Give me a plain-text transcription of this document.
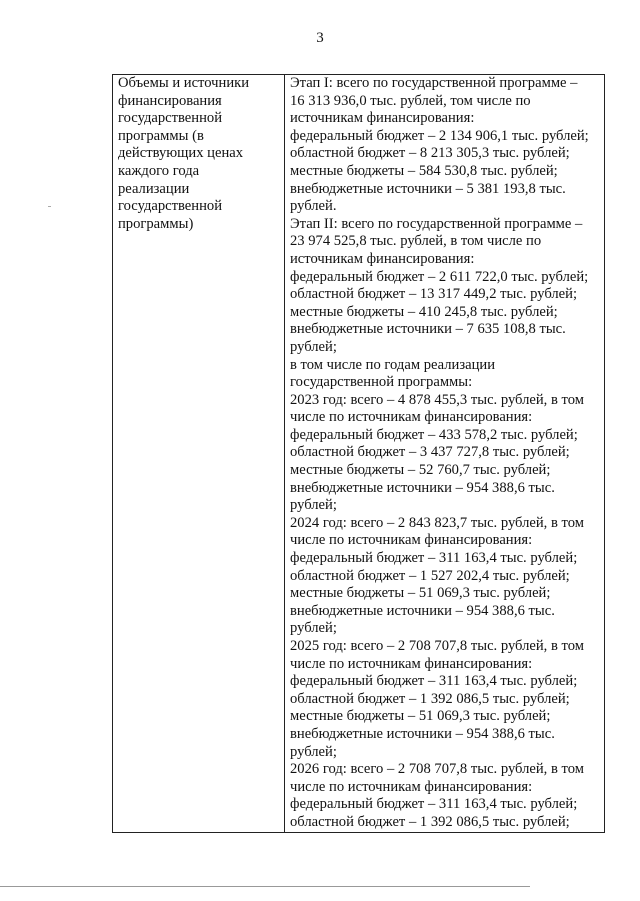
3
Объемы и источники
финансирования
государственной
программы (в
действующих ценах
каждого года
реализации
государственной
программы)

Этап I: всего по государственной программе –
16 313 936,0 тыс. рублей, том числе по
источникам финансирования:
федеральный бюджет – 2 134 906,1 тыс. рублей;
областной бюджет – 8 213 305,3 тыс. рублей;
местные бюджеты – 584 530,8 тыс. рублей;
внебюджетные источники – 5 381 193,8 тыс.
рублей.
Этап II: всего по государственной программе –
23 974 525,8 тыс. рублей, в том числе по
источникам финансирования:
федеральный бюджет – 2 611 722,0 тыс. рублей;
областной бюджет – 13 317 449,2 тыс. рублей;
местные бюджеты – 410 245,8 тыс. рублей;
внебюджетные источники – 7 635 108,8 тыс.
рублей;
в том числе по годам реализации
государственной программы:
2023 год: всего – 4 878 455,3 тыс. рублей, в том
числе по источникам финансирования:
федеральный бюджет – 433 578,2 тыс. рублей;
областной бюджет – 3 437 727,8 тыс. рублей;
местные бюджеты – 52 760,7 тыс. рублей;
внебюджетные источники – 954 388,6 тыс.
рублей;
2024 год: всего – 2 843 823,7 тыс. рублей, в том
числе по источникам финансирования:
федеральный бюджет – 311 163,4 тыс. рублей;
областной бюджет – 1 527 202,4 тыс. рублей;
местные бюджеты – 51 069,3 тыс. рублей;
внебюджетные источники – 954 388,6 тыс.
рублей;
2025 год: всего – 2 708 707,8 тыс. рублей, в том
числе по источникам финансирования:
федеральный бюджет – 311 163,4 тыс. рублей;
областной бюджет – 1 392 086,5 тыс. рублей;
местные бюджеты – 51 069,3 тыс. рублей;
внебюджетные источники – 954 388,6 тыс.
рублей;
2026 год: всего – 2 708 707,8 тыс. рублей, в том
числе по источникам финансирования:
федеральный бюджет – 311 163,4 тыс. рублей;
областной бюджет – 1 392 086,5 тыс. рублей;
